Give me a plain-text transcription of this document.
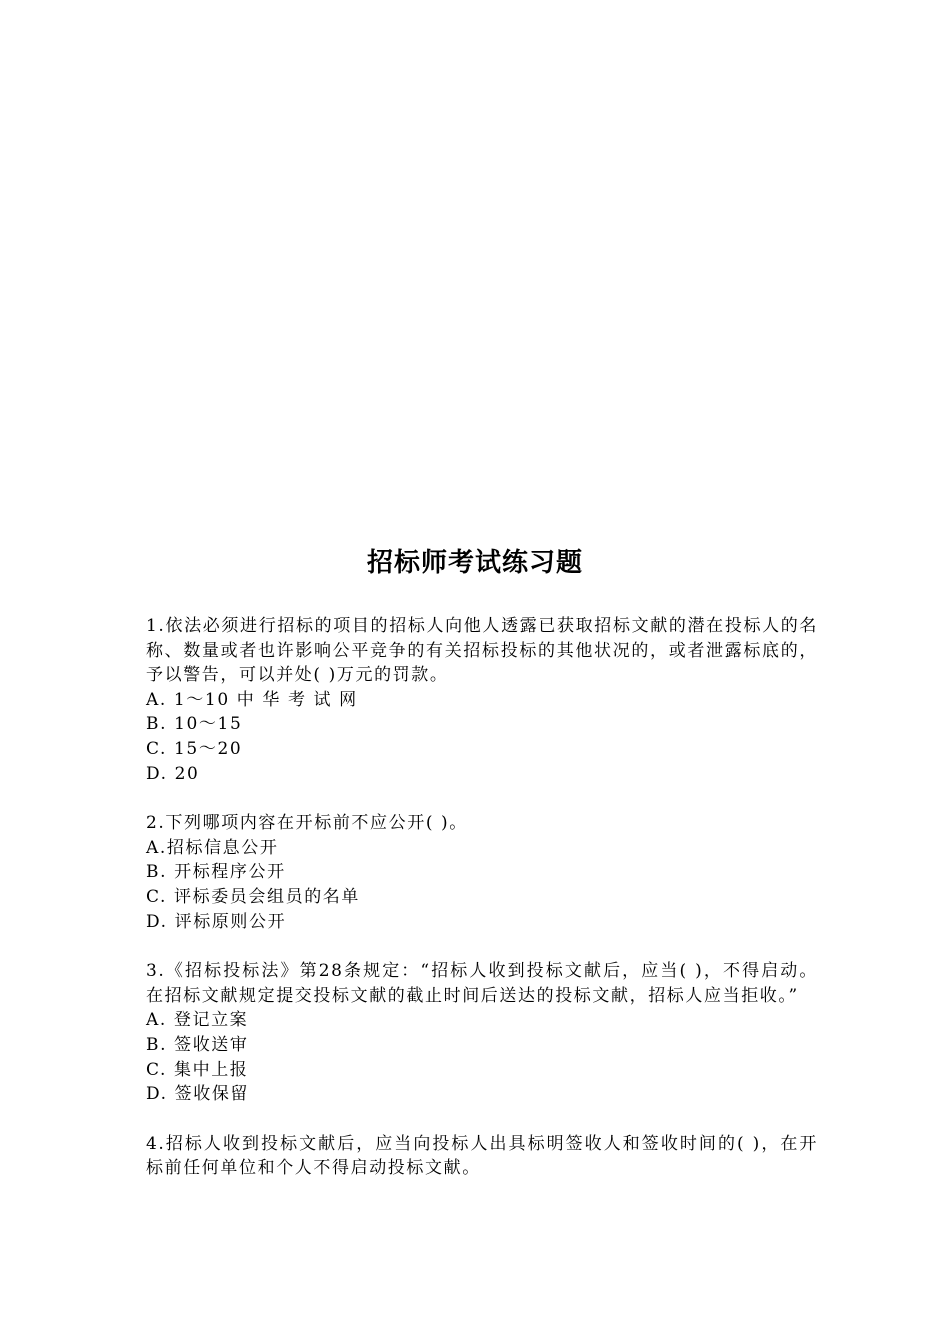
招标师考试练习题
1.依法必须进行招标的项目的招标人向他人透露已获取招标文献的潜在投标人的名称、数量或者也许影响公平竞争的有关招标投标的其他状况的，或者泄露标底的，予以警告，可以并处( )万元的罚款。
A. 1～10 中 华 考 试 网
B. 10～15
C. 15～20
D. 20
2.下列哪项内容在开标前不应公开( )。
A.招标信息公开
B. 开标程序公开
C. 评标委员会组员的名单
D. 评标原则公开
3.《招标投标法》第28条规定：“招标人收到投标文献后，应当( )，不得启动。在招标文献规定提交投标文献的截止时间后送达的投标文献，招标人应当拒收。”
A. 登记立案
B. 签收送审
C. 集中上报
D. 签收保留
4.招标人收到投标文献后，应当向投标人出具标明签收人和签收时间的( )，在开标前任何单位和个人不得启动投标文献。
